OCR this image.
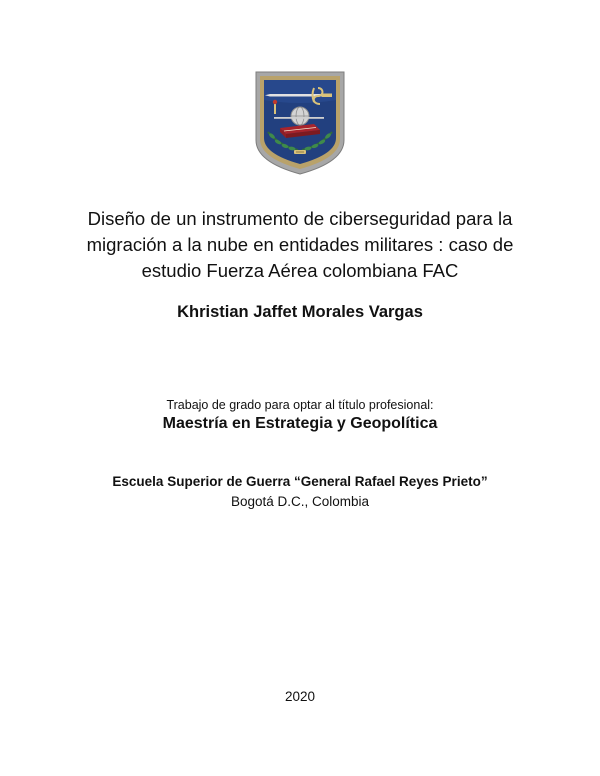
Diseño de un instrumento de ciberseguridad para la
migración a la nube en entidades militares : caso de
estudio Fuerza Aérea colombiana FAC

Khristian Jaffet Morales Vargas

Trabajo de grado para optar al título profesional:

Maestría en Estrategia y Geopolítica

Escuela Superior de Guerra “General Rafael Reyes Prieto”

Bogotá D.C., Colombia

2020
